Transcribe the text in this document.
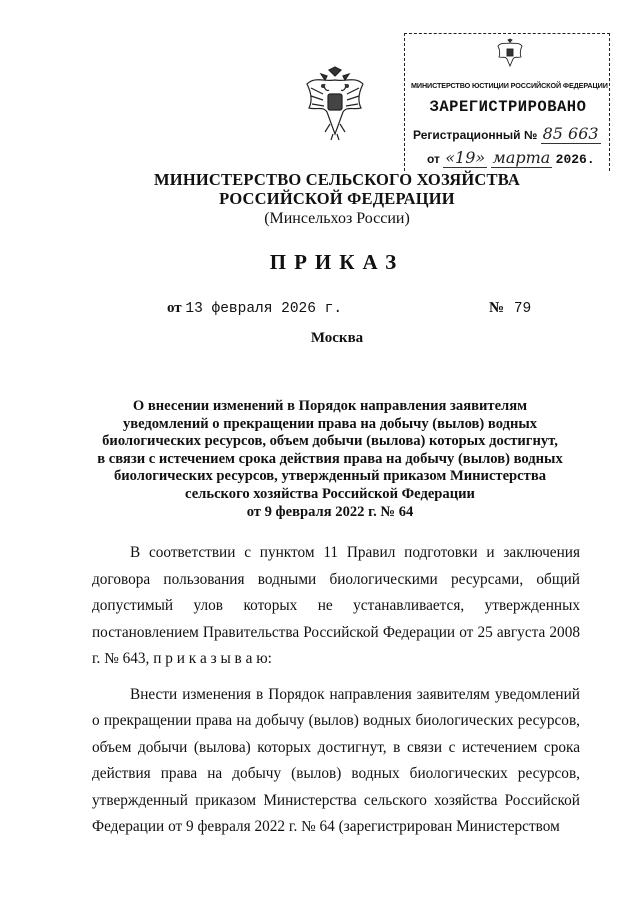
МИНИСТЕРСТВО ЮСТИЦИИ РОССИЙСКОЙ ФЕДЕРАЦИИ
ЗАРЕГИСТРИРОВАНО
Регистрационный № 85 663
от «19» марта 2026.
МИНИСТЕРСТВО СЕЛЬСКОГО ХОЗЯЙСТВА
РОССИЙСКОЙ ФЕДЕРАЦИИ
(Минсельхоз России)
ПРИКАЗ
от 13 февраля 2026 г.	№ 79
Москва
О внесении изменений в Порядок направления заявителям
уведомлений о прекращении права на добычу (вылов) водных
биологических ресурсов, объем добычи (вылова) которых достигнут,
в связи с истечением срока действия права на добычу (вылов) водных
биологических ресурсов, утвержденный приказом Министерства
сельского хозяйства Российской Федерации
от 9 февраля 2022 г. № 64

В соответствии с пунктом 11 Правил подготовки и заключения договора пользования водными биологическими ресурсами, общий допустимый улов которых не устанавливается, утвержденных постановлением Правительства Российской Федерации от 25 августа 2008 г. № 643, п р и к а з ы в а ю:

Внести изменения в Порядок направления заявителям уведомлений о прекращении права на добычу (вылов) водных биологических ресурсов, объем добычи (вылова) которых достигнут, в связи с истечением срока действия права на добычу (вылов) водных биологических ресурсов, утвержденный приказом Министерства сельского хозяйства Российской Федерации от 9 февраля 2022 г. № 64 (зарегистрирован Министерством
